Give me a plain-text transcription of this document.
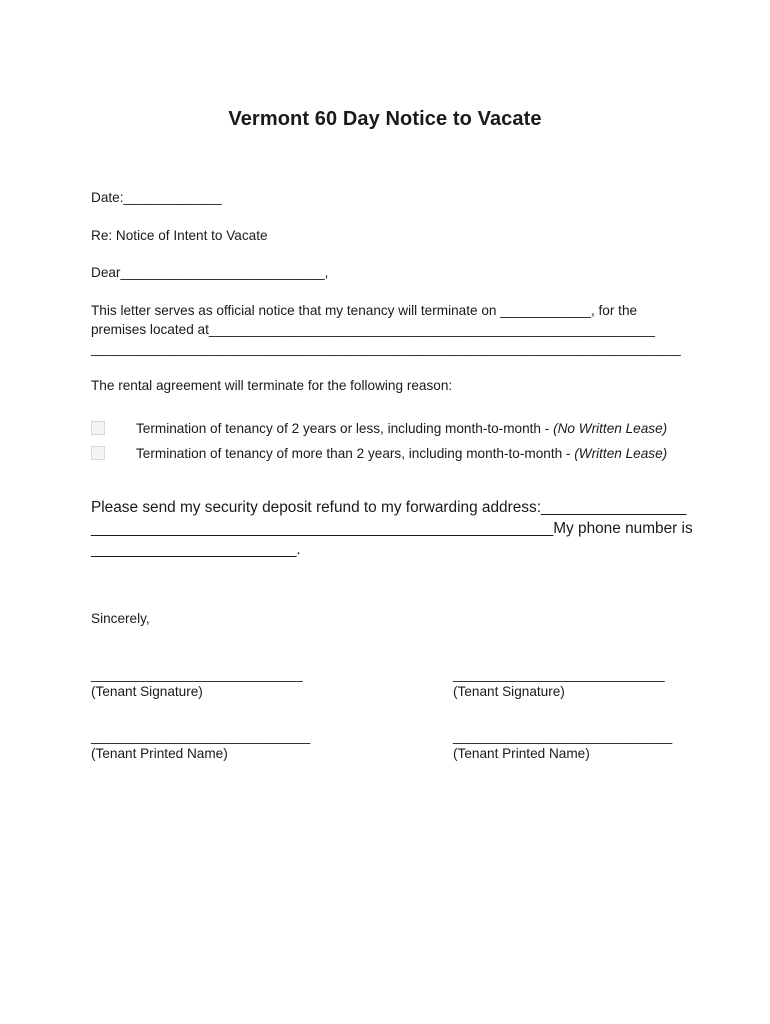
Vermont 60 Day Notice to Vacate
Date:_____________
Re: Notice of Intent to Vacate
Dear___________________________,
This letter serves as official notice that my tenancy will terminate on ____________, for the
premises located at___________________________________________________________
______________________________________________________________________________
The rental agreement will terminate for the following reason:
Termination of tenancy of 2 years or less, including month-to-month - (No Written Lease)
Termination of tenancy of more than 2 years, including month-to-month - (Written Lease)
Please send my security deposit refund to my forwarding address:_________________
______________________________________________________My phone number is
________________________.
Sincerely,
____________________________
(Tenant Signature)
____________________________
(Tenant Signature)
_____________________________
(Tenant Printed Name)
_____________________________
(Tenant Printed Name)
